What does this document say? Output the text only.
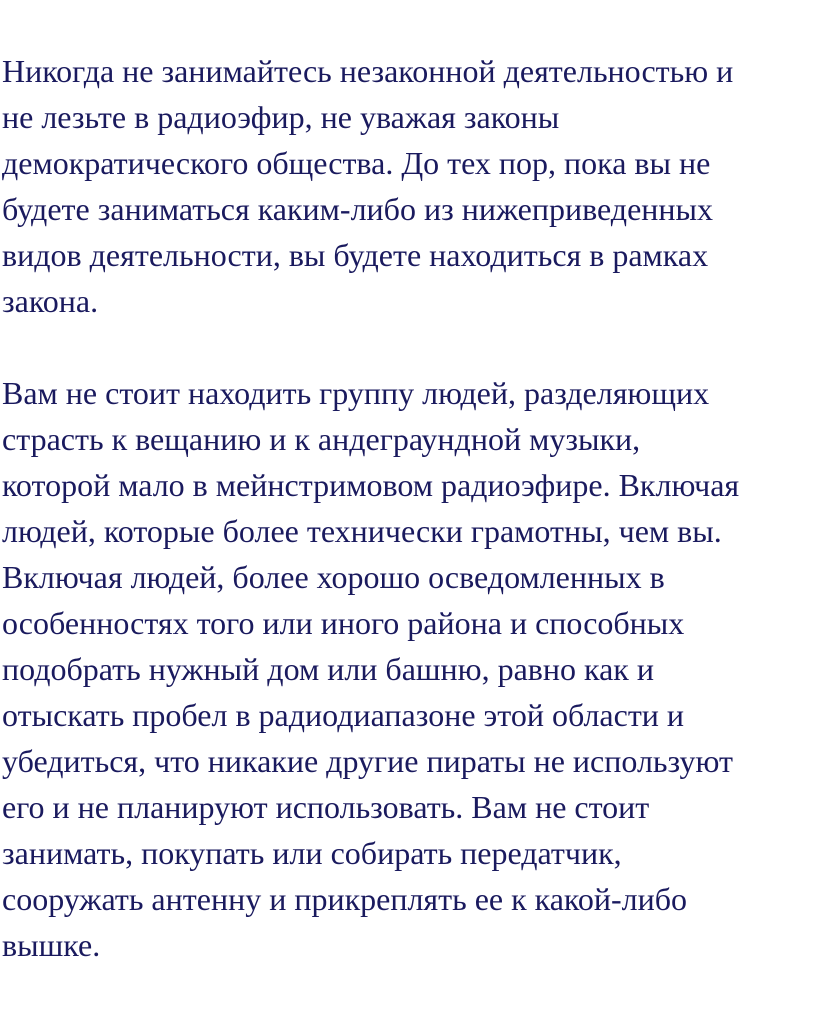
Никогда не занимайтесь незаконной деятельностью и
не лезьте в радиоэфир, не уважая законы
демократического общества. До тех пор, пока вы не
будете заниматься каким-либо из нижеприведенных
видов деятельности, вы будете находиться в рамках
закона.
Вам не стоит находить группу людей, разделяющих
страсть к вещанию и к андеграундной музыки,
которой мало в мейнстримовом радиоэфире. Включая
людей, которые более технически грамотны, чем вы.
Включая людей, более хорошо осведомленных в
особенностях того или иного района и способных
подобрать нужный дом или башню, равно как и
отыскать пробел в радиодиапазоне этой области и
убедиться, что никакие другие пираты не используют
его и не планируют использовать. Вам не стоит
занимать, покупать или собирать передатчик,
сооружать антенну и прикреплять ее к какой-либо
вышке.
